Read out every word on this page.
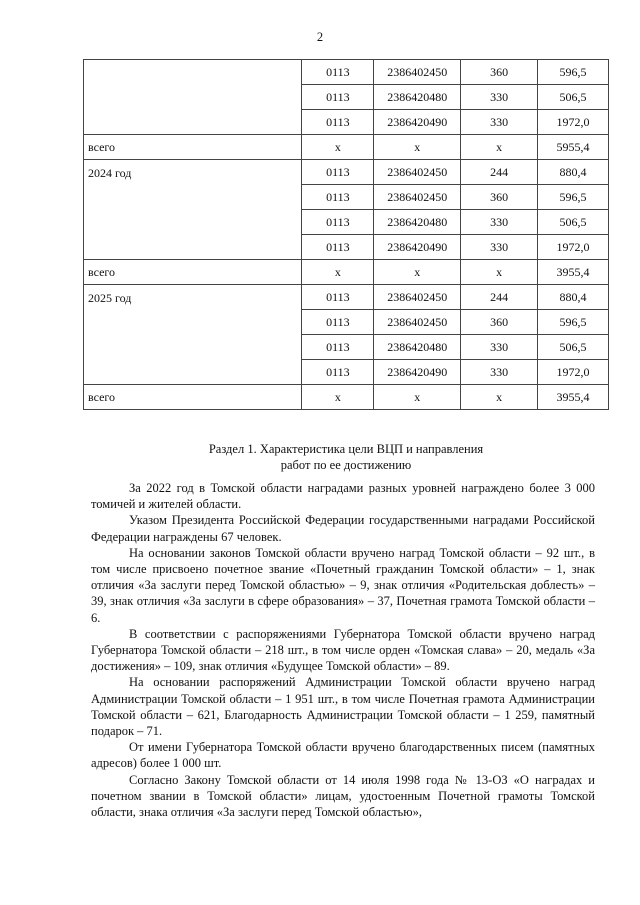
2
	0113	2386402450	360	596,5
	0113	2386420480	330	506,5
	0113	2386420490	330	1972,0
всего	х	х	х	5955,4
2024 год	0113	2386402450	244	880,4
	0113	2386402450	360	596,5
	0113	2386420480	330	506,5
	0113	2386420490	330	1972,0
всего	х	х	х	3955,4
2025 год	0113	2386402450	244	880,4
	0113	2386402450	360	596,5
	0113	2386420480	330	506,5
	0113	2386420490	330	1972,0
всего	х	х	х	3955,4
Раздел 1. Характеристика цели ВЦП и направления
работ по ее достижению

За 2022 год в Томской области наградами разных уровней награждено более 3 000 томичей и жителей области.

Указом Президента Российской Федерации государственными наградами Российской Федерации награждены 67 человек.

На основании законов Томской области вручено наград Томской области – 92 шт., в том числе присвоено почетное звание «Почетный гражданин Томской области» – 1, знак отличия «За заслуги перед Томской областью» – 9, знак отличия «Родительская доблесть» – 39, знак отличия «За заслуги в сфере образования» – 37, Почетная грамота Томской области – 6.

В соответствии с распоряжениями Губернатора Томской области вручено наград Губернатора Томской области – 218 шт., в том числе орден «Томская слава» – 20, медаль «За достижения» – 109, знак отличия «Будущее Томской области» – 89.

На основании распоряжений Администрации Томской области вручено наград Администрации Томской области – 1 951 шт., в том числе Почетная грамота Администрации Томской области – 621, Благодарность Администрации Томской области – 1 259, памятный подарок – 71.

От имени Губернатора Томской области вручено благодарственных писем (памятных адресов) более 1 000 шт.

Согласно Закону Томской области от 14 июля 1998 года № 13-ОЗ «О наградах и почетном звании в Томской области» лицам, удостоенным Почетной грамоты Томской области, знака отличия «За заслуги перед Томской областью»,
